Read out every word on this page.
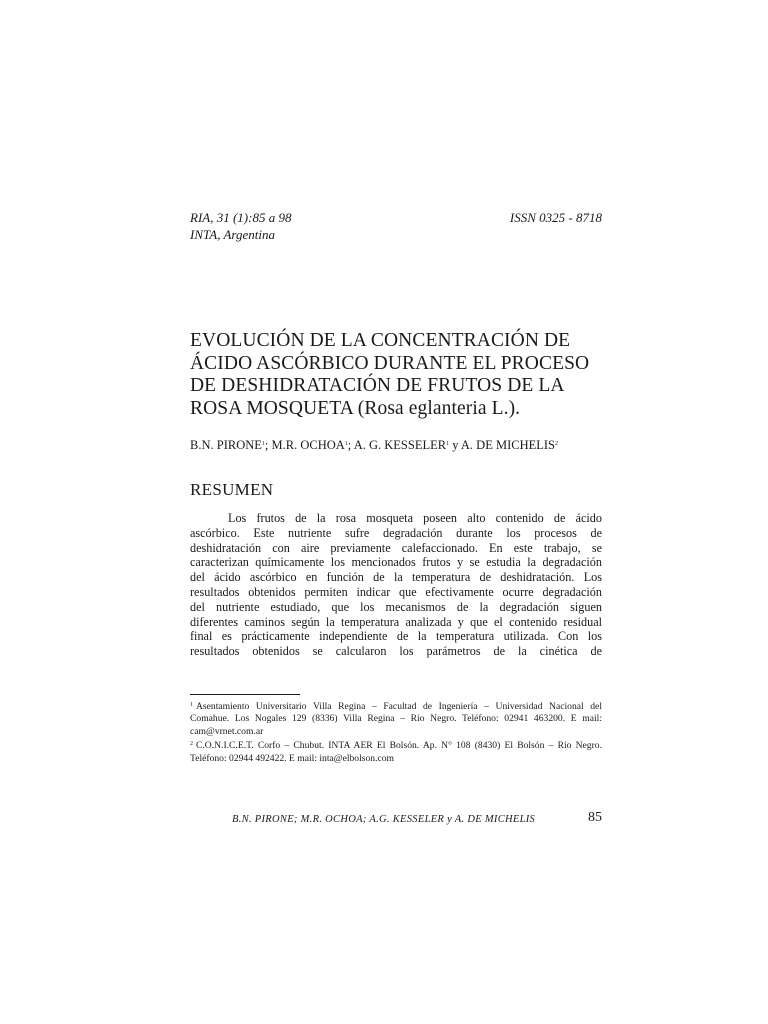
RIA, 31 (1):85 a 98	ISSN 0325 - 8718
INTA, Argentina
EVOLUCIÓN DE LA CONCENTRACIÓN DE
ÁCIDO ASCÓRBICO DURANTE EL PROCESO
DE DESHIDRATACIÓN DE FRUTOS DE LA
ROSA MOSQUETA (Rosa eglanteria L.).
B.N. PIRONE$^1$; M.R. OCHOA$^1$; A. G. KESSELER$^1$ y A. DE MICHELIS$^2$
RESUMEN
Los frutos de la rosa mosqueta poseen alto contenido de ácido
ascórbico. Este nutriente sufre degradación durante los procesos de
deshidratación con aire previamente calefaccionado. En este trabajo, se
caracterizan químicamente los mencionados frutos y se estudia la degradación
del ácido ascórbico en función de la temperatura de deshidratación. Los
resultados obtenidos permiten indicar que efectivamente ocurre degradación
del nutriente estudiado, que los mecanismos de la degradación siguen
diferentes caminos según la temperatura analizada y que el contenido residual
final es prácticamente independiente de la temperatura utilizada. Con los
resultados obtenidos se calcularon los parámetros de la cinética de
$^1$ Asentamiento Universitario Villa Regina – Facultad de Ingeniería – Universidad Nacional del
Comahue. Los Nogales 129 (8336) Villa Regina – Río Negro. Teléfono: 02941 463200. E mail:
cam@vrnet.com.ar
$^2$ C.O.N.I.C.E.T. Corfo – Chubut. INTA AER El Bolsón. Ap. N° 108 (8430) El Bolsón – Río Negro.
Teléfono: 02944 492422. E mail: inta@elbolson.com
B.N. PIRONE; M.R. OCHOA; A.G. KESSELER y A. DE MICHELIS	85
